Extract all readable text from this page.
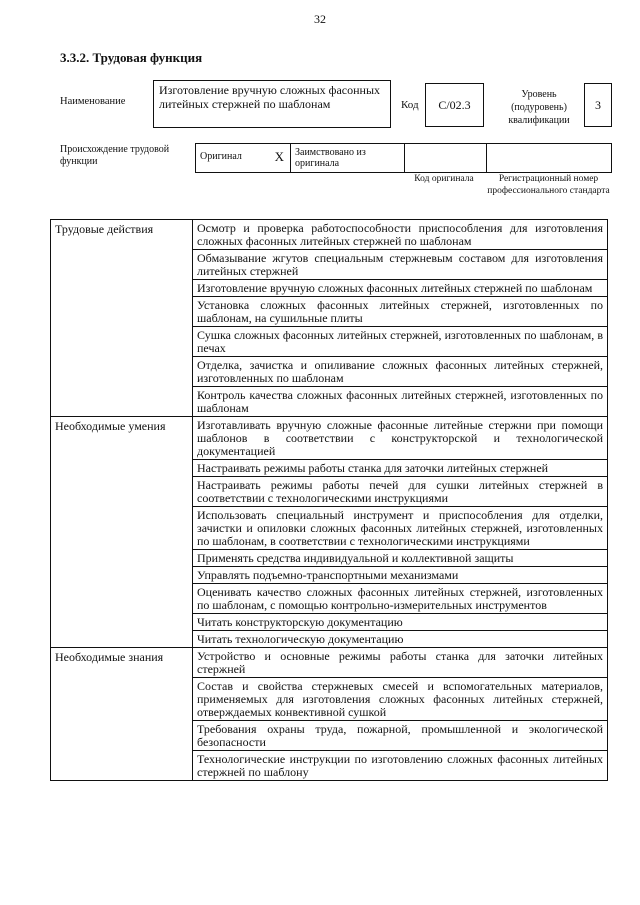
32
3.3.2. Трудовая функция
Наименование
Изготовление вручную сложных фасонных литейных стержней по шаблонам	Код	С/02.3
Уровень (подуровень) квалификации
3
Происхождение трудовой функции	Оригинал	X	Заимствовано из оригинала		
Код оригинала	Регистрационный номер профессионального стандарта
Трудовые действия	Осмотр и проверка работоспособности приспособления для изготовления сложных фасонных литейных стержней по шаблонам
	Обмазывание жгутов специальным стержневым составом для изготовления литейных стержней
	Изготовление вручную сложных фасонных литейных стержней по шаблонам
	Установка сложных фасонных литейных стержней, изготовленных по шаблонам, на сушильные плиты
	Сушка сложных фасонных литейных стержней, изготовленных по шаблонам, в печах
	Отделка, зачистка и опиливание сложных фасонных литейных стержней, изготовленных по шаблонам
	Контроль качества сложных фасонных литейных стержней, изготовленных по шаблонам
Необходимые умения	Изготавливать вручную сложные фасонные литейные стержни при помощи шаблонов в соответствии с конструкторской и технологической документацией
	Настраивать режимы работы станка для заточки литейных стержней
	Настраивать режимы работы печей для сушки литейных стержней в соответствии с технологическими инструкциями
	Использовать специальный инструмент и приспособления для отделки, зачистки и опиловки сложных фасонных литейных стержней, изготовленных по шаблонам, в соответствии с технологическими инструкциями
	Применять средства индивидуальной и коллективной защиты
	Управлять подъемно-транспортными механизмами
	Оценивать качество сложных фасонных литейных стержней, изготовленных по шаблонам, с помощью контрольно-измерительных инструментов
	Читать конструкторскую документацию
	Читать технологическую документацию
Необходимые знания	Устройство и основные режимы работы станка для заточки литейных стержней
	Состав и свойства стержневых смесей и вспомогательных материалов, применяемых для изготовления сложных фасонных литейных стержней, отверждаемых конвективной сушкой
	Требования охраны труда, пожарной, промышленной и экологической безопасности
	Технологические инструкции по изготовлению сложных фасонных литейных стержней по шаблону
